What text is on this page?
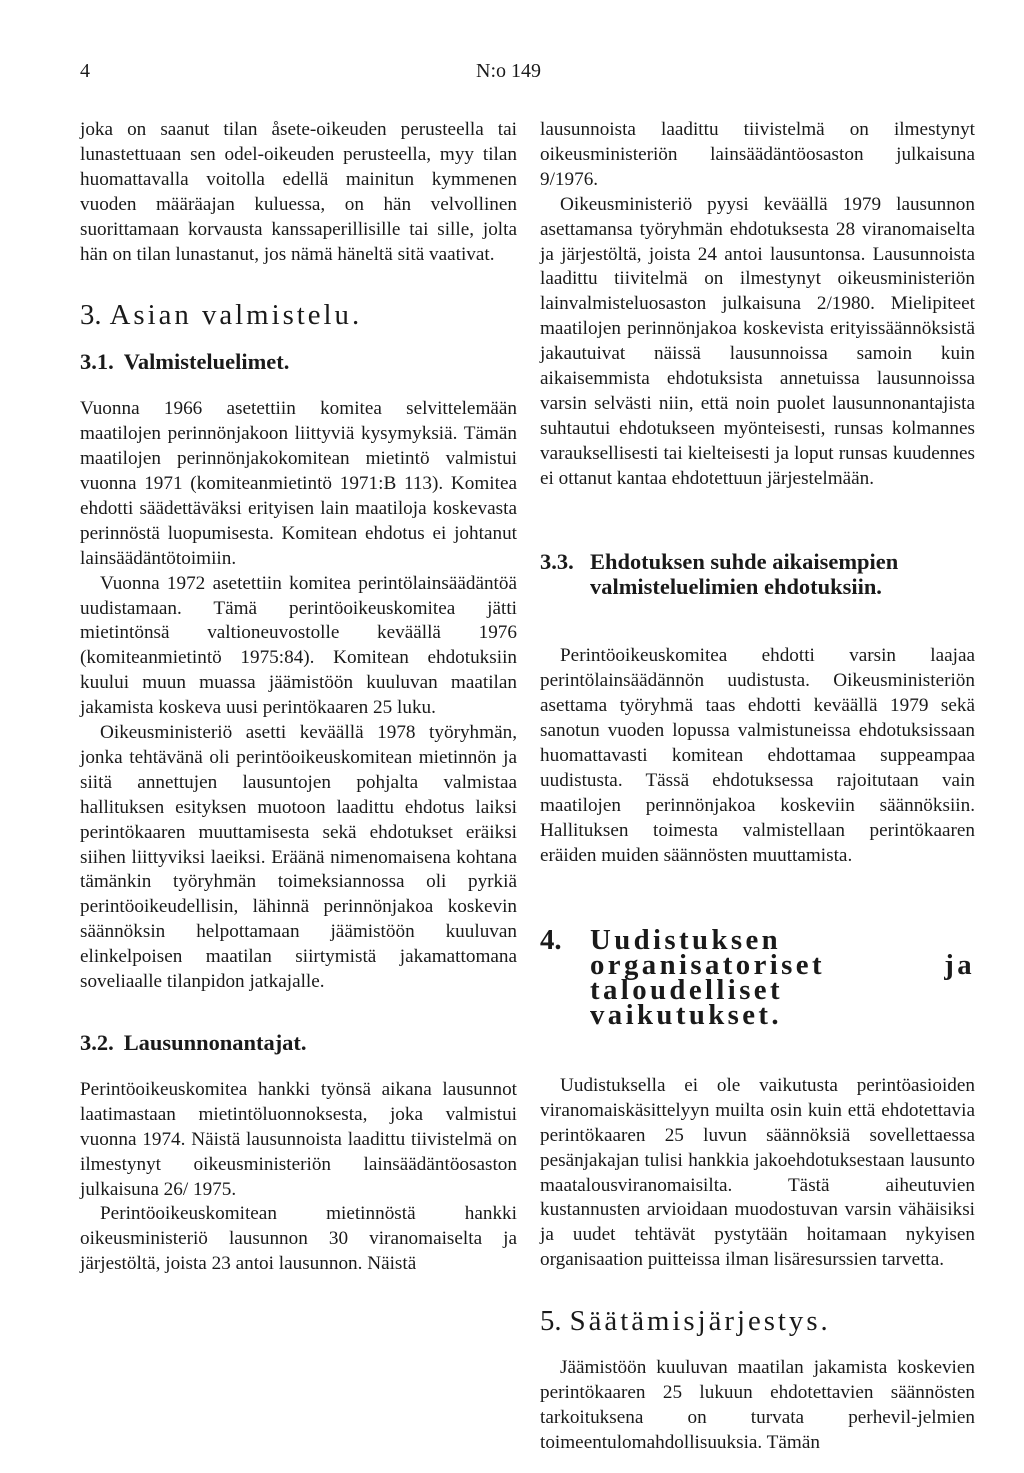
4	N:o 149

joka on saanut tilan åsete-oikeuden perusteella tai lunastettuaan sen odel-oikeuden perusteella, myy tilan huomattavalla voitolla edellä mainitun kymmenen vuoden määräajan kuluessa, on hän velvollinen suorittamaan korvausta kanssaperillisille tai sille, jolta hän on tilan lunastanut, jos nämä häneltä sitä vaativat.

3. Asian valmistelu.
3.1. Valmisteluelimet.

Vuonna 1966 asetettiin komitea selvittelemään maatilojen perinnönjakoon liittyviä kysymyksiä. Tämän maatilojen perinnönjakokomitean mietintö valmistui vuonna 1971 (komiteanmietintö 1971:B 113). Komitea ehdotti säädettäväksi erityisen lain maatiloja koskevasta perinnöstä luopumisesta. Komitean ehdotus ei johtanut lainsäädäntötoimiin.

Vuonna 1972 asetettiin komitea perintölainsäädäntöä uudistamaan. Tämä perintöoikeuskomitea jätti mietintönsä valtioneuvostolle keväällä 1976 (komiteanmietintö 1975:84). Komitean ehdotuksiin kuului muun muassa jäämistöön kuuluvan maatilan jakamista koskeva uusi perintökaaren 25 luku.

Oikeusministeriö asetti keväällä 1978 työryhmän, jonka tehtävänä oli perintöoikeuskomitean mietinnön ja siitä annettujen lausuntojen pohjalta valmistaa hallituksen esityksen muotoon laadittu ehdotus laiksi perintökaaren muuttamisesta sekä ehdotukset eräiksi siihen liittyviksi laeiksi. Eräänä nimenomaisena kohtana tämänkin työryhmän toimeksiannossa oli pyrkiä perintöoikeudellisin, lähinnä perinnönjakoa koskevin säännöksin helpottamaan jäämistöön kuuluvan elinkelpoisen maatilan siirtymistä jakamattomana soveliaalle tilanpidon jatkajalle.

3.2. Lausunnonantajat.

Perintöoikeuskomitea hankki työnsä aikana lausunnot laatimastaan mietintöluonnoksesta, joka valmistui vuonna 1974. Näistä lausunnoista laadittu tiivistelmä on ilmestynyt oikeusministeriön lainsäädäntöosaston julkaisuna 26/ 1975.

Perintöoikeuskomitean mietinnöstä hankki oikeusministeriö lausunnon 30 viranomaiselta ja järjestöltä, joista 23 antoi lausunnon. Näistä

lausunnoista laadittu tiivistelmä on ilmestynyt oikeusministeriön lainsäädäntöosaston julkaisuna 9/1976.

Oikeusministeriö pyysi keväällä 1979 lausunnon asettamansa työryhmän ehdotuksesta 28 viranomaiselta ja järjestöltä, joista 24 antoi lausuntonsa. Lausunnoista laadittu tiivitelmä on ilmestynyt oikeusministeriön lainvalmisteluosaston julkaisuna 2/1980. Mielipiteet maatilojen perinnönjakoa koskevista erityissäännöksistä jakautuivat näissä lausunnoissa samoin kuin aikaisemmista ehdotuksista annetuissa lausunnoissa varsin selvästi niin, että noin puolet lausunnonantajista suhtautui ehdotukseen myönteisesti, runsas kolmannes varauksellisesti tai kielteisesti ja loput runsas kuudennes ei ottanut kantaa ehdotettuun järjestelmään.

3.3. Ehdotuksen suhde aikaisempien valmisteluelimien ehdotuksiin.

Perintöoikeuskomitea ehdotti varsin laajaa perintölainsäädännön uudistusta. Oikeusministeriön asettama työryhmä taas ehdotti keväällä 1979 sekä sanotun vuoden lopussa valmistuneissa ehdotuksissaan huomattavasti komitean ehdottamaa suppeampaa uudistusta. Tässä ehdotuksessa rajoitutaan vain maatilojen perinnönjakoa koskeviin säännöksiin. Hallituksen toimesta valmistellaan perintökaaren eräiden muiden säännösten muuttamista.

4. Uudistuksen organisatoriset ja taloudelliset vaikutukset.

Uudistuksella ei ole vaikutusta perintöasioiden viranomaiskäsittelyyn muilta osin kuin että ehdotettavia perintökaaren 25 luvun säännöksiä sovellettaessa pesänjakajan tulisi hankkia jakoehdotuksestaan lausunto maatalousviranomaisilta. Tästä aiheutuvien kustannusten arvioidaan muodostuvan varsin vähäisiksi ja uudet tehtävät pystytään hoitamaan nykyisen organisaation puitteissa ilman lisäresurssien tarvetta.

5. Säätämisjärjestys.

Jäämistöön kuuluvan maatilan jakamista koskevien perintökaaren 25 lukuun ehdotettavien säännösten tarkoituksena on turvata perhevil-jelmien toimeentulomahdollisuuksia. Tämän
